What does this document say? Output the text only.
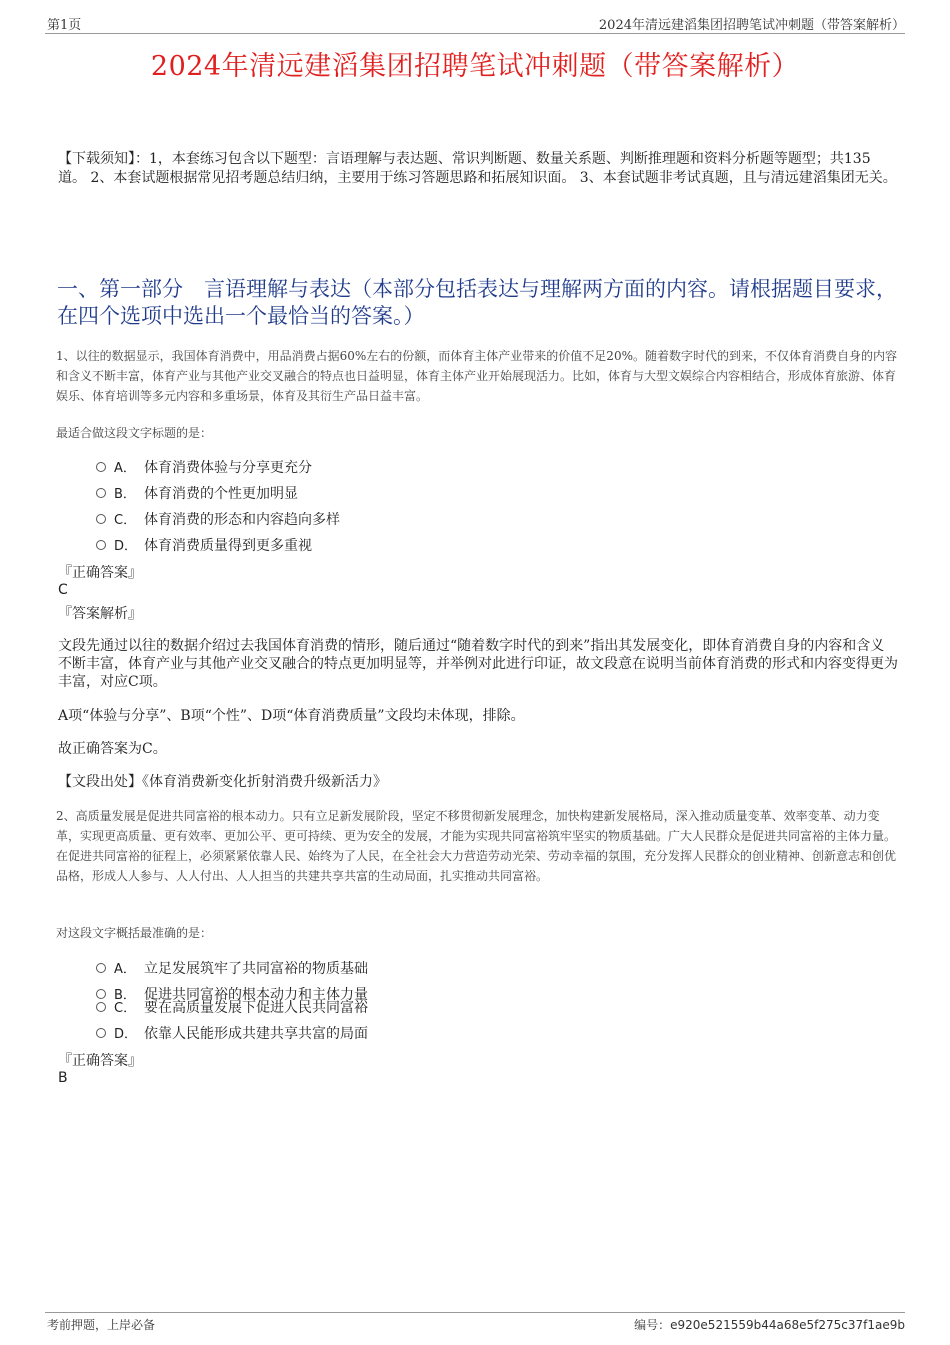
第1页	2024年清远建滔集团招聘笔试冲刺题（带答案解析）
2024年清远建滔集团招聘笔试冲刺题（带答案解析）
【下载须知】：1，本套练习包含以下题型：言语理解与表达题、常识判断题、数量关系题、判断推理题和资料分析题等题型；共135道。 2、本套试题根据常见招考题总结归纳，主要用于练习答题思路和拓展知识面。 3、本套试题非考试真题，且与清远建滔集团无关。
一、第一部分　言语理解与表达（本部分包括表达与理解两方面的内容。请根据题目要求，在四个选项中选出一个最恰当的答案。）
1、以往的数据显示，我国体育消费中，用品消费占据60%左右的份额，而体育主体产业带来的价值不足20%。随着数字时代的到来，不仅体育消费自身的内容和含义不断丰富，体育产业与其他产业交叉融合的特点也日益明显，体育主体产业开始展现活力。比如，体育与大型文娱综合内容相结合，形成体育旅游、体育娱乐、体育培训等多元内容和多重场景，体育及其衍生产品日益丰富。
最适合做这段文字标题的是：
A． 体育消费体验与分享更充分
B． 体育消费的个性更加明显
C． 体育消费的形态和内容趋向多样
D． 体育消费质量得到更多重视
『正确答案』
C
『答案解析』
文段先通过以往的数据介绍过去我国体育消费的情形，随后通过“随着数字时代的到来”指出其发展变化，即体育消费自身的内容和含义不断丰富，体育产业与其他产业交叉融合的特点更加明显等，并举例对此进行印证，故文段意在说明当前体育消费的形式和内容变得更为丰富，对应C项。
A项“体验与分享”、B项“个性”、D项“体育消费质量”文段均未体现，排除。
故正确答案为C。
【文段出处】《体育消费新变化折射消费升级新活力》
2、高质量发展是促进共同富裕的根本动力。只有立足新发展阶段，坚定不移贯彻新发展理念，加快构建新发展格局，深入推动质量变革、效率变革、动力变革，实现更高质量、更有效率、更加公平、更可持续、更为安全的发展，才能为实现共同富裕筑牢坚实的物质基础。广大人民群众是促进共同富裕的主体力量。在促进共同富裕的征程上，必须紧紧依靠人民、始终为了人民，在全社会大力营造劳动光荣、劳动幸福的氛围，充分发挥人民群众的创业精神、创新意志和创优品格，形成人人参与、人人付出、人人担当的共建共享共富的生动局面，扎实推动共同富裕。
对这段文字概括最准确的是：
A． 立足发展筑牢了共同富裕的物质基础
B． 促进共同富裕的根本动力和主体力量
C． 要在高质量发展下促进人民共同富裕
D． 依靠人民能形成共建共享共富的局面
『正确答案』
B
考前押题，上岸必备	编号：e920e521559b44a68e5f275c37f1ae9b
